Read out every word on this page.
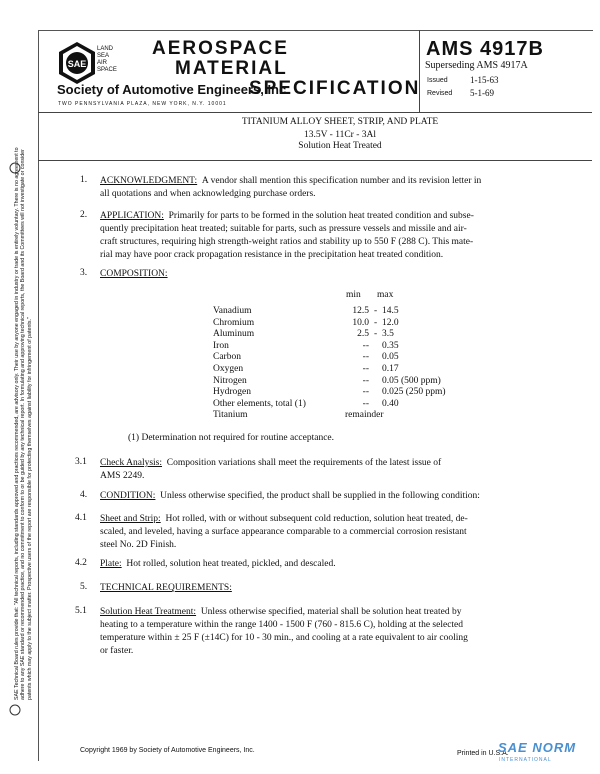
SAE
LAND
SEA
AIR
SPACE
AEROSPACE
MATERIAL
SPECIFICATION
Society of Automotive Engineers, Inc.
TWO PENNSYLVANIA PLAZA, NEW YORK, N.Y. 10001
AMS 4917B
Superseding AMS 4917A
Issued 1-15-63
Revised 5-1-69
TITANIUM ALLOY SHEET, STRIP, AND PLATE
13.5V - 11Cr - 3Al
Solution Heat Treated
SAE Technical Board rules provide that: "All technical reports, including standards approved and practices recommended, are advisory only. Their use by anyone engaged in industry or trade is entirely voluntary. There is no agreement to adhere to any SAE standard or recommended practice, and no commitment to conform to or be guided by any technical report. In formulating and approving technical reports, the Board and its Committees will not investigate or consider patents which may apply to the subject matter. Prospective users of the report are responsible for protecting themselves against liability for infringement of patents."
1. ACKNOWLEDGMENT: A vendor shall mention this specification number and its revision letter in
all quotations and when acknowledging purchase orders.
2. APPLICATION: Primarily for parts to be formed in the solution heat treated condition and subse-
quently precipitation heat treated; suitable for parts, such as pressure vessels and missile and air-
craft structures, requiring high strength-weight ratios and stability up to 550 F (288 C). This mate-
rial may have poor crack propagation resistance in the precipitation heat treated condition.
3. COMPOSITION:
min max
Vanadium	12.5 - 14.5
Chromium	10.0 - 12.0
Aluminum	2.5 - 3.5
Iron	-- 0.35
Carbon	-- 0.05
Oxygen	-- 0.17
Nitrogen	-- 0.05 (500 ppm)
Hydrogen	-- 0.025 (250 ppm)
Other elements, total (1)	-- 0.40
Titanium	remainder
(1) Determination not required for routine acceptance.
3.1 Check Analysis: Composition variations shall meet the requirements of the latest issue of
AMS 2249.
4. CONDITION: Unless otherwise specified, the product shall be supplied in the following condition:
4.1 Sheet and Strip: Hot rolled, with or without subsequent cold reduction, solution heat treated, de-
scaled, and leveled, having a surface appearance comparable to a commercial corrosion resistant
steel No. 2D Finish.
4.2 Plate: Hot rolled, solution heat treated, pickled, and descaled.
5. TECHNICAL REQUIREMENTS:
5.1 Solution Heat Treatment: Unless otherwise specified, material shall be solution heat treated by
heating to a temperature within the range 1400 - 1500 F (760 - 815.6 C), holding at the selected
temperature within ± 25 F (±14C) for 10 - 30 min., and cooling at a rate equivalent to air cooling
or faster.
Copyright 1969 by Society of Automotive Engineers, Inc.	Printed in U.S.A.
SAE NORM
INTERNATIONAL
